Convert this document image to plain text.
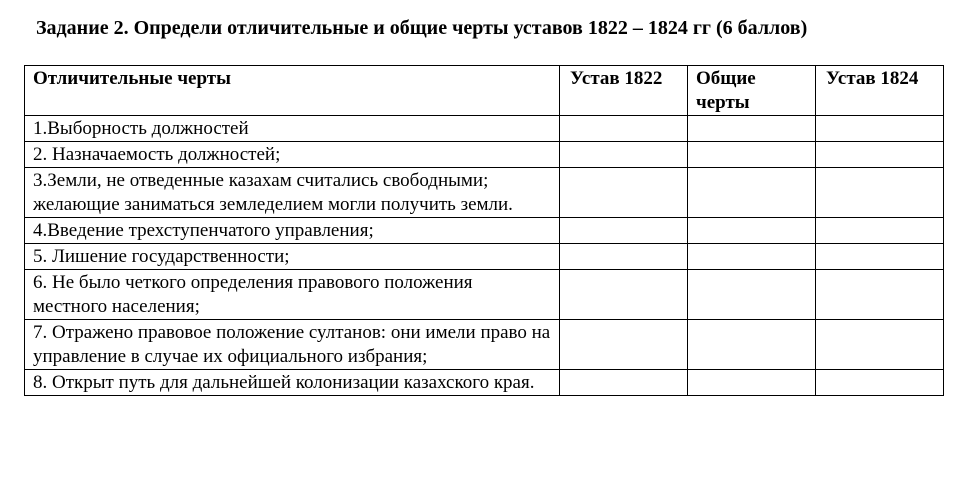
Задание 2. Определи отличительные и общие черты уставов 1822 – 1824 гг (6 баллов)
Отличительные черты	Устав 1822	Общие черты	Устав 1824
1.Выборность должностей			
2. Назначаемость должностей;			
3.Земли, не отведенные казахам считались свободными; желающие заниматься земледелием могли получить земли.			
4.Введение трехступенчатого управления;			
5. Лишение государственности;			
6. Не было четкого определения правового положения местного населения;			
7. Отражено правовое положение султанов: они имели право на управление в случае их официального избрания;			
8. Открыт путь для дальнейшей колонизации казахского края.			
